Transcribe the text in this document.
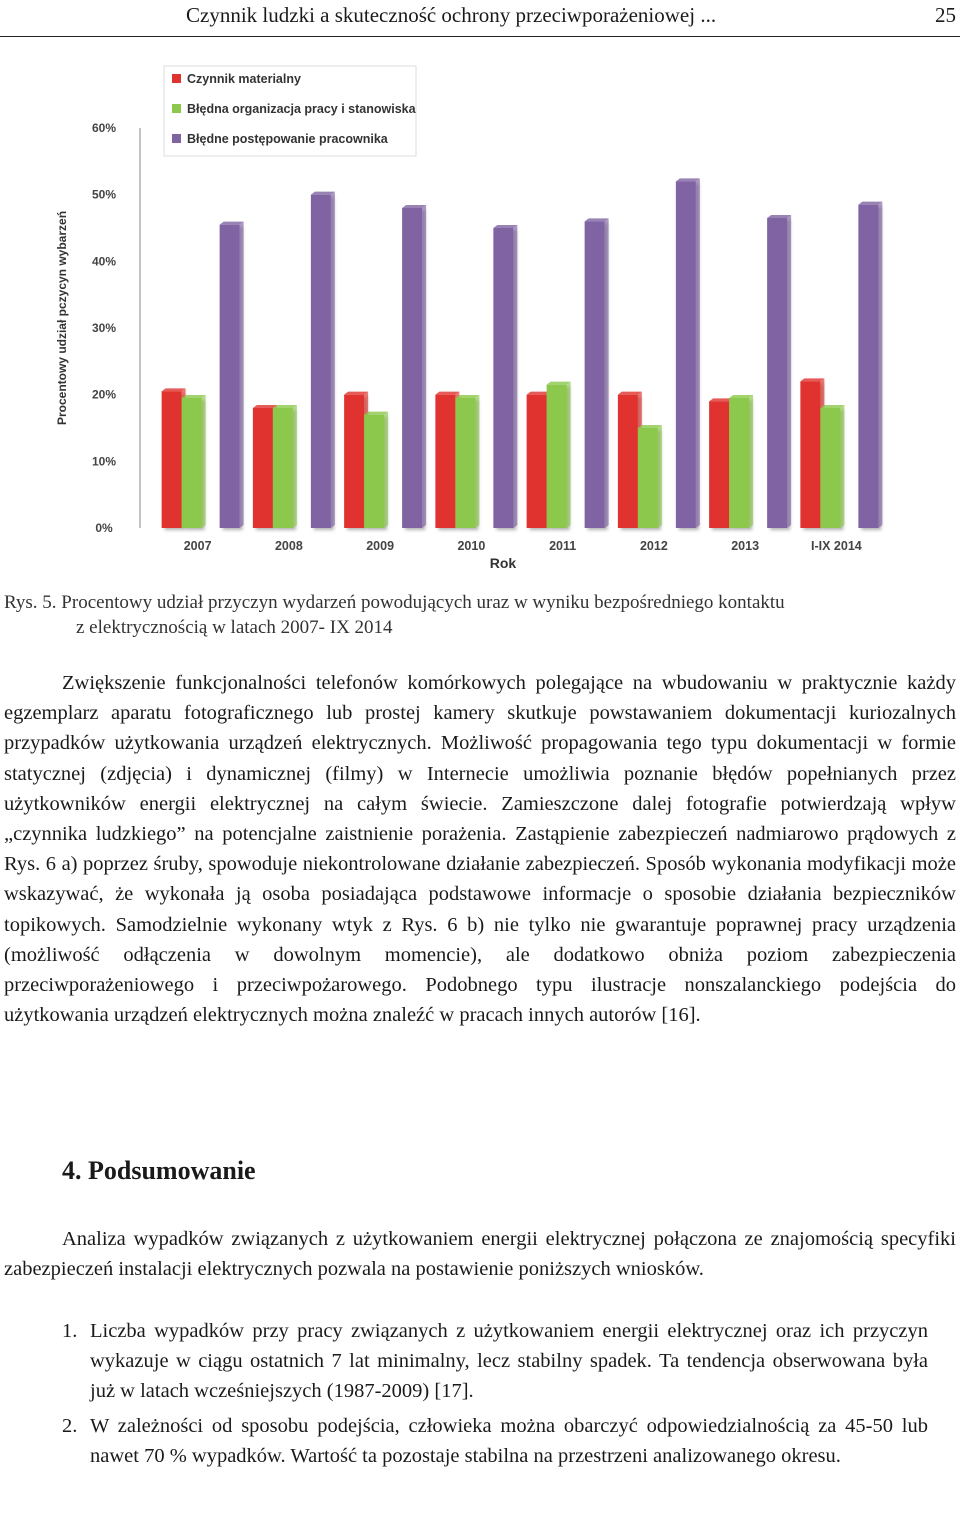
Czynnik ludzki a skuteczność ochrony przeciwporażeniowej ...	25
0%
10%
20%
30%
40%
50%
60%
2007	2008	2009	2010	2011	2012	2013	I-IX 2014
Czynnik materialny
Błędna organizacja pracy i stanowiska
Błędne postępowanie pracownika
Procentowy udział pczycyn wybarzeń
Rok
Rys. 5. Procentowy udział przyczyn wydarzeń powodujących uraz w wyniku bezpośredniego kontaktu
z elektrycznością w latach 2007- IX 2014
Zwiększenie funkcjonalności telefonów komórkowych polegające na wbudowaniu w praktycznie każdy egzemplarz aparatu fotograficznego lub prostej kamery skutkuje powstawaniem dokumentacji kuriozalnych przypadków użytkowania urządzeń elektrycznych. Możliwość propagowania tego typu dokumentacji w formie statycznej (zdjęcia) i dynamicznej (filmy) w Internecie umożliwia poznanie błędów popełnianych przez użytkowników energii elektrycznej na całym świecie. Zamieszczone dalej fotografie potwierdzają wpływ „czynnika ludzkiego” na potencjalne zaistnienie porażenia. Zastąpienie zabezpieczeń nadmiarowo prądowych z Rys. 6 a) poprzez śruby, spowoduje niekontrolowane działanie zabezpieczeń. Sposób wykonania modyfikacji może wskazywać, że wykonała ją osoba posiadająca podstawowe informacje o sposobie działania bezpieczników topikowych. Samodzielnie wykonany wtyk z Rys. 6 b) nie tylko nie gwarantuje poprawnej pracy urządzenia (możliwość odłączenia w dowolnym momencie), ale dodatkowo obniża poziom zabezpieczenia przeciwporażeniowego i przeciwpożarowego. Podobnego typu ilustracje nonszalanckiego podejścia do użytkowania urządzeń elektrycznych można znaleźć w pracach innych autorów [16].
4. Podsumowanie
Analiza wypadków związanych z użytkowaniem energii elektrycznej połączona ze znajomością specyfiki zabezpieczeń instalacji elektrycznych pozwala na postawienie poniższych wniosków.
1. Liczba wypadków przy pracy związanych z użytkowaniem energii elektrycznej oraz ich przyczyn wykazuje w ciągu ostatnich 7 lat minimalny, lecz stabilny spadek. Ta tendencja obserwowana była już w latach wcześniejszych (1987-2009) [17].
2. W zależności od sposobu podejścia, człowieka można obarczyć odpowiedzialnością za 45-50 lub nawet 70 % wypadków. Wartość ta pozostaje stabilna na przestrzeni analizowanego okresu.
